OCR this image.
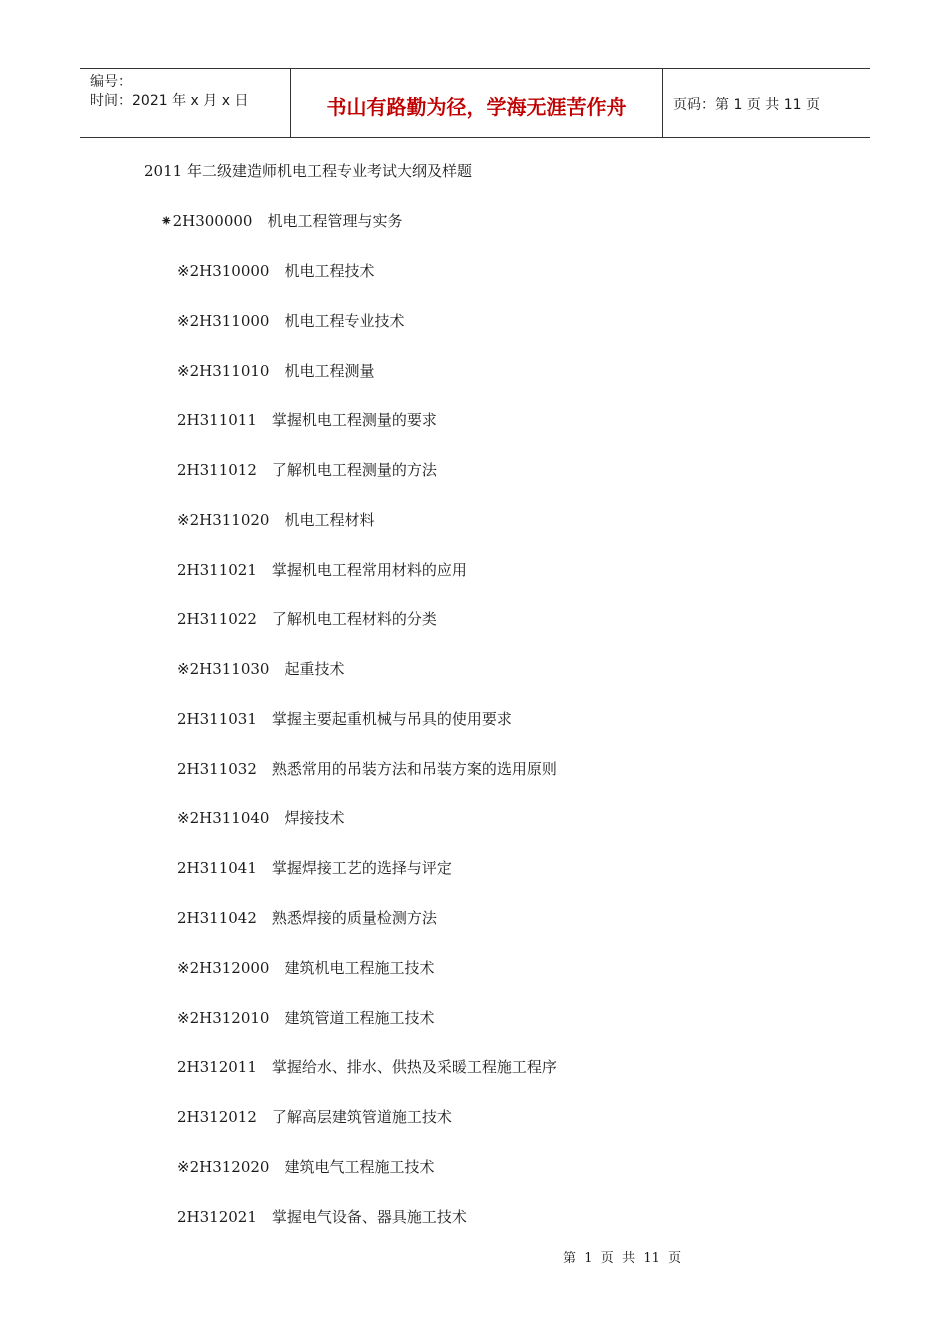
编号：
时间：2021 年 x 月 x 日	书山有路勤为径，学海无涯苦作舟	页码：第 1 页 共 11 页
2011 年二级建造师机电工程专业考试大纲及样题
⁕2H300000　机电工程管理与实务
※2H310000　机电工程技术
※2H311000　机电工程专业技术
※2H311010　机电工程测量
2H311011　掌握机电工程测量的要求
2H311012　了解机电工程测量的方法
※2H311020　机电工程材料
2H311021　掌握机电工程常用材料的应用
2H311022　了解机电工程材料的分类
※2H311030　起重技术
2H311031　掌握主要起重机械与吊具的使用要求
2H311032　熟悉常用的吊装方法和吊装方案的选用原则
※2H311040　焊接技术
2H311041　掌握焊接工艺的选择与评定
2H311042　熟悉焊接的质量检测方法
※2H312000　建筑机电工程施工技术
※2H312010　建筑管道工程施工技术
2H312011　掌握给水、排水、供热及采暖工程施工程序
2H312012　了解高层建筑管道施工技术
※2H312020　建筑电气工程施工技术
2H312021　掌握电气设备、器具施工技术
第  1  页  共  11  页
